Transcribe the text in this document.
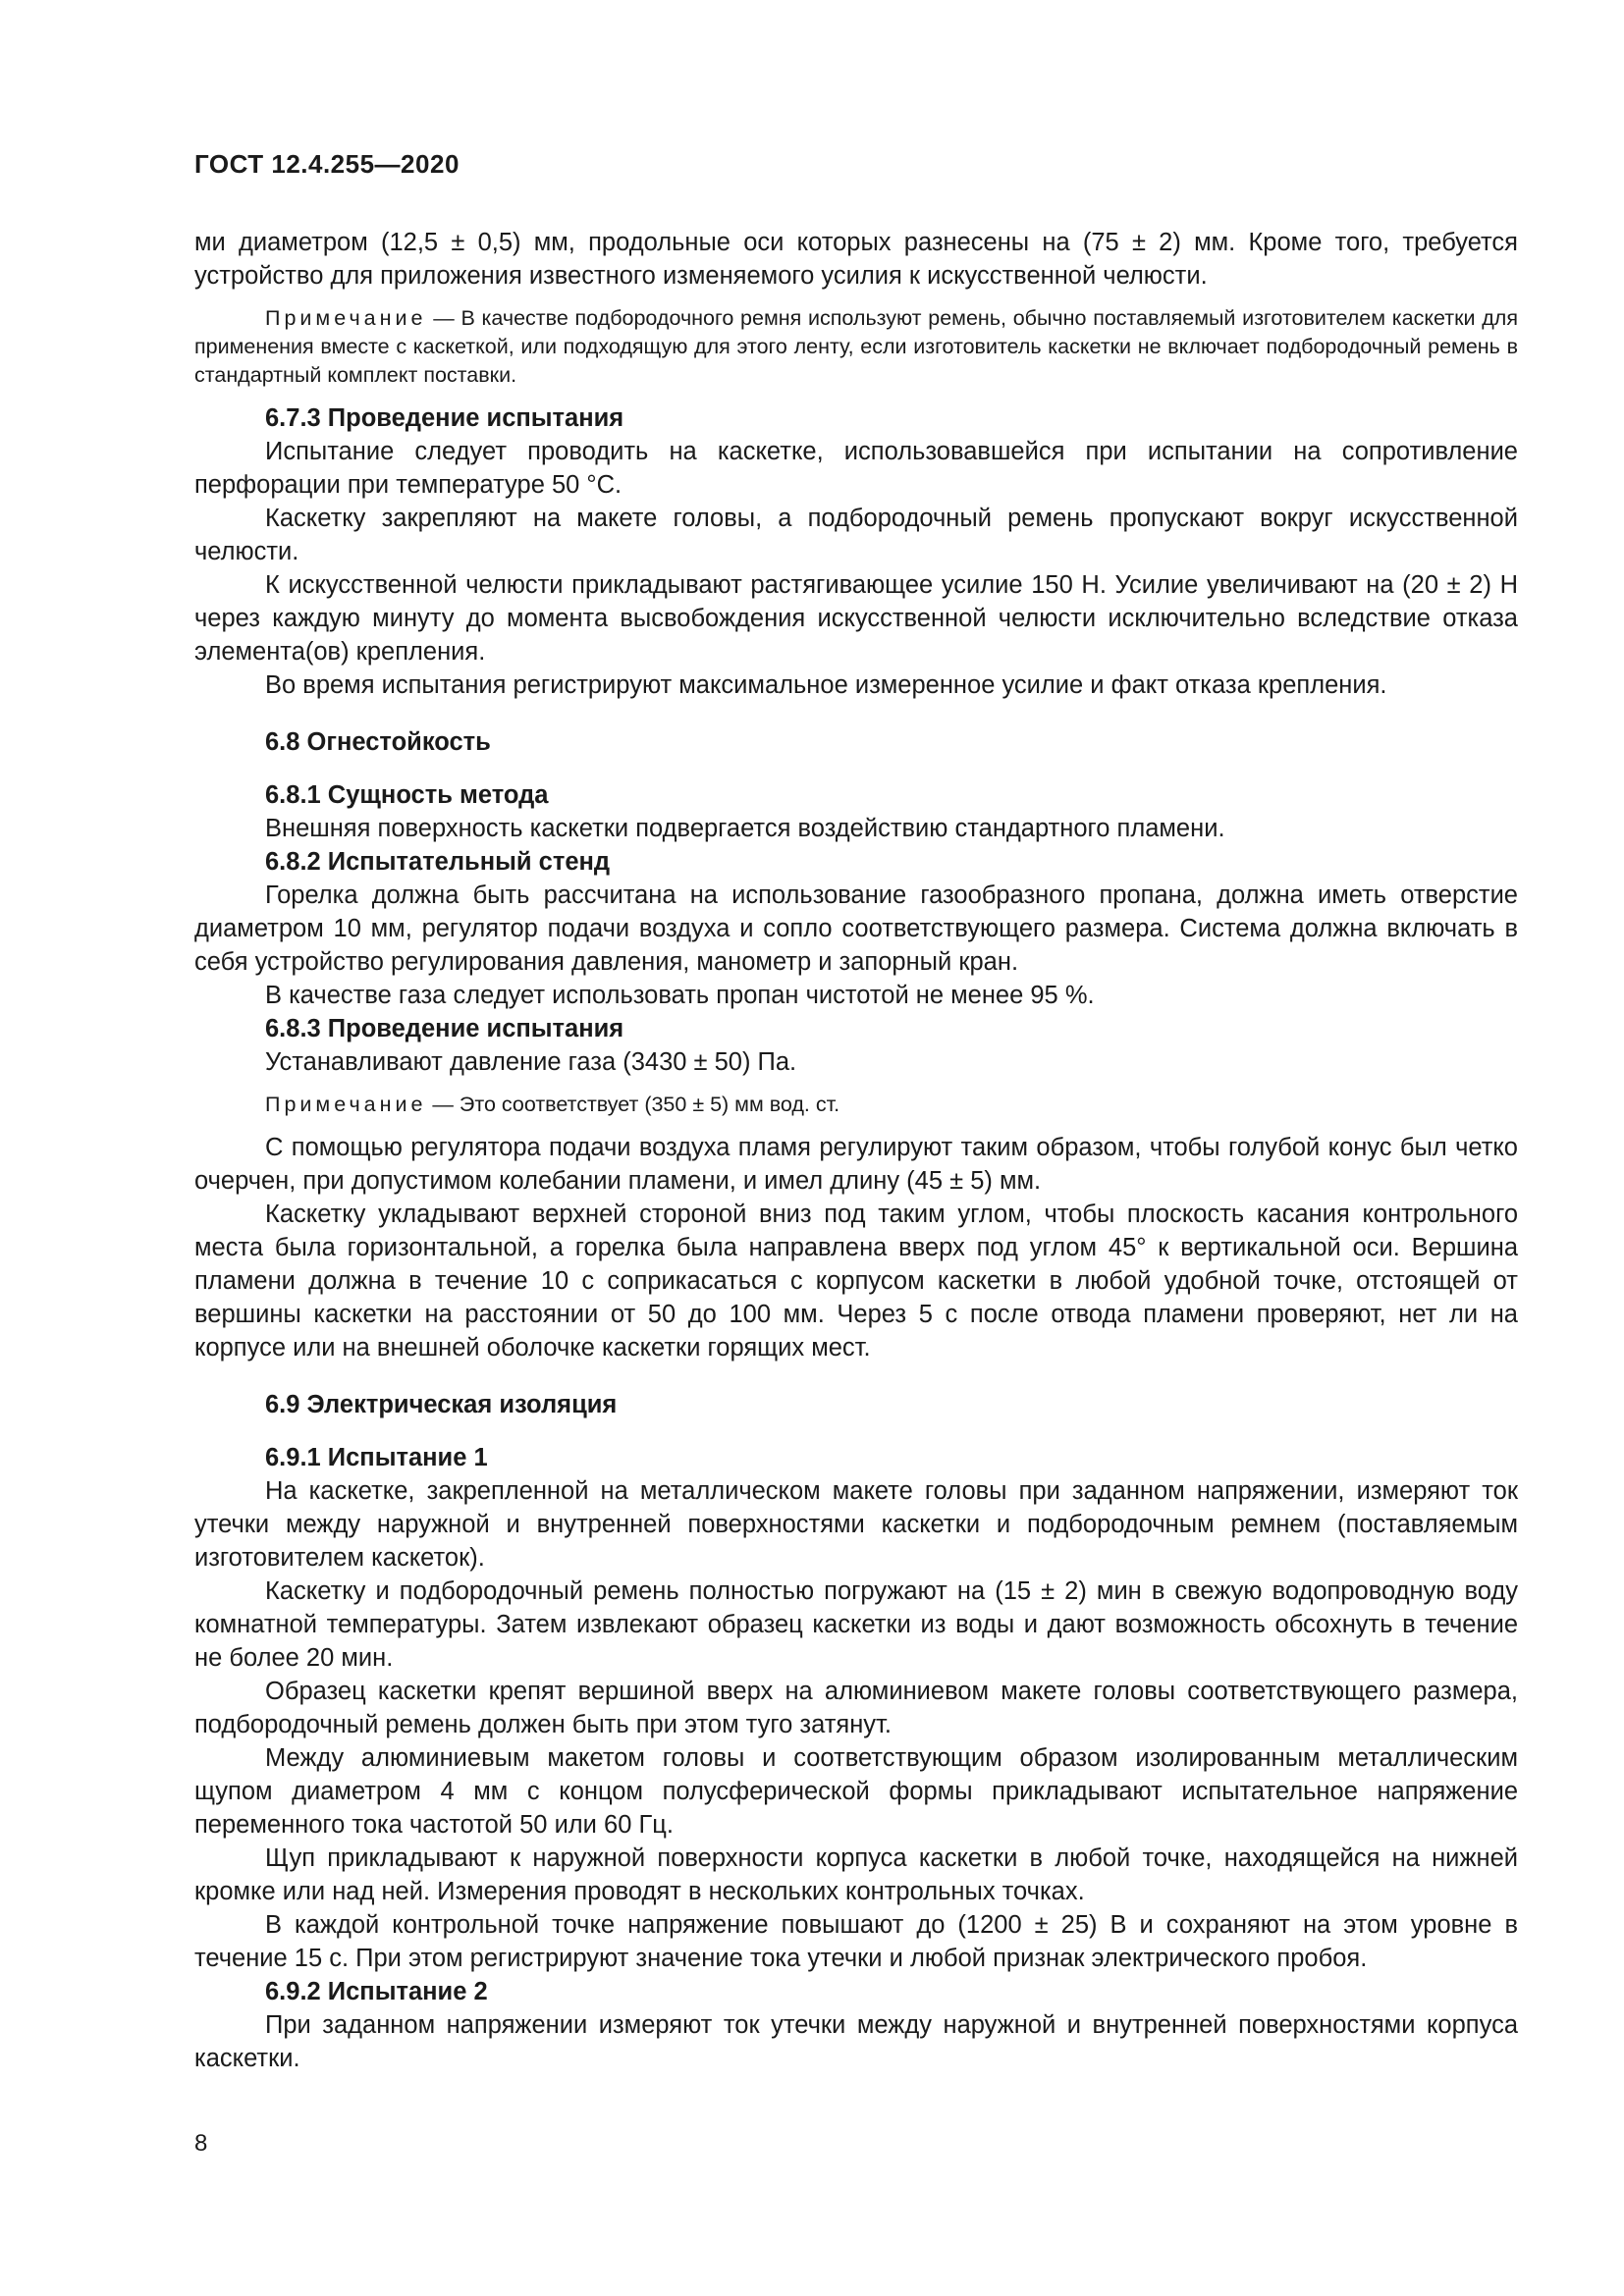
ГОСТ 12.4.255—2020

ми диаметром (12,5 ± 0,5) мм, продольные оси которых разнесены на (75 ± 2) мм. Кроме того, требуется устройство для приложения известного изменяемого усилия к искусственной челюсти.

Примечание — В качестве подбородочного ремня используют ремень, обычно поставляемый изготовителем каскетки для применения вместе с каскеткой, или подходящую для этого ленту, если изготовитель каскетки не включает подбородочный ремень в стандартный комплект поставки.

6.7.3 Проведение испытания

Испытание следует проводить на каскетке, использовавшейся при испытании на сопротивление перфорации при температуре 50 °С.

Каскетку закрепляют на макете головы, а подбородочный ремень пропускают вокруг искусственной челюсти.

К искусственной челюсти прикладывают растягивающее усилие 150 Н. Усилие увеличивают на (20 ± 2) Н через каждую минуту до момента высвобождения искусственной челюсти исключительно вследствие отказа элемента(ов) крепления.

Во время испытания регистрируют максимальное измеренное усилие и факт отказа крепления.

6.8 Огнестойкость

6.8.1 Сущность метода

Внешняя поверхность каскетки подвергается воздействию стандартного пламени.

6.8.2 Испытательный стенд

Горелка должна быть рассчитана на использование газообразного пропана, должна иметь отверстие диаметром 10 мм, регулятор подачи воздуха и сопло соответствующего размера. Система должна включать в себя устройство регулирования давления, манометр и запорный кран.

В качестве газа следует использовать пропан чистотой не менее 95 %.

6.8.3 Проведение испытания

Устанавливают давление газа (3430 ± 50) Па.

Примечание — Это соответствует (350 ± 5) мм вод. ст.

С помощью регулятора подачи воздуха пламя регулируют таким образом, чтобы голубой конус был четко очерчен, при допустимом колебании пламени, и имел длину (45 ± 5) мм.

Каскетку укладывают верхней стороной вниз под таким углом, чтобы плоскость касания контрольного места была горизонтальной, а горелка была направлена вверх под углом 45° к вертикальной оси. Вершина пламени должна в течение 10 с соприкасаться с корпусом каскетки в любой удобной точке, отстоящей от вершины каскетки на расстоянии от 50 до 100 мм. Через 5 с после отвода пламени проверяют, нет ли на корпусе или на внешней оболочке каскетки горящих мест.

6.9 Электрическая изоляция

6.9.1 Испытание 1

На каскетке, закрепленной на металлическом макете головы при заданном напряжении, измеряют ток утечки между наружной и внутренней поверхностями каскетки и подбородочным ремнем (поставляемым изготовителем каскеток).

Каскетку и подбородочный ремень полностью погружают на (15 ± 2) мин в свежую водопроводную воду комнатной температуры. Затем извлекают образец каскетки из воды и дают возможность обсохнуть в течение не более 20 мин.

Образец каскетки крепят вершиной вверх на алюминиевом макете головы соответствующего размера, подбородочный ремень должен быть при этом туго затянут.

Между алюминиевым макетом головы и соответствующим образом изолированным металлическим щупом диаметром 4 мм с концом полусферической формы прикладывают испытательное напряжение переменного тока частотой 50 или 60 Гц.

Щуп прикладывают к наружной поверхности корпуса каскетки в любой точке, находящейся на нижней кромке или над ней. Измерения проводят в нескольких контрольных точках.

В каждой контрольной точке напряжение повышают до (1200 ± 25) В и сохраняют на этом уровне в течение 15 с. При этом регистрируют значение тока утечки и любой признак электрического пробоя.

6.9.2 Испытание 2

При заданном напряжении измеряют ток утечки между наружной и внутренней поверхностями корпуса каскетки.

8
